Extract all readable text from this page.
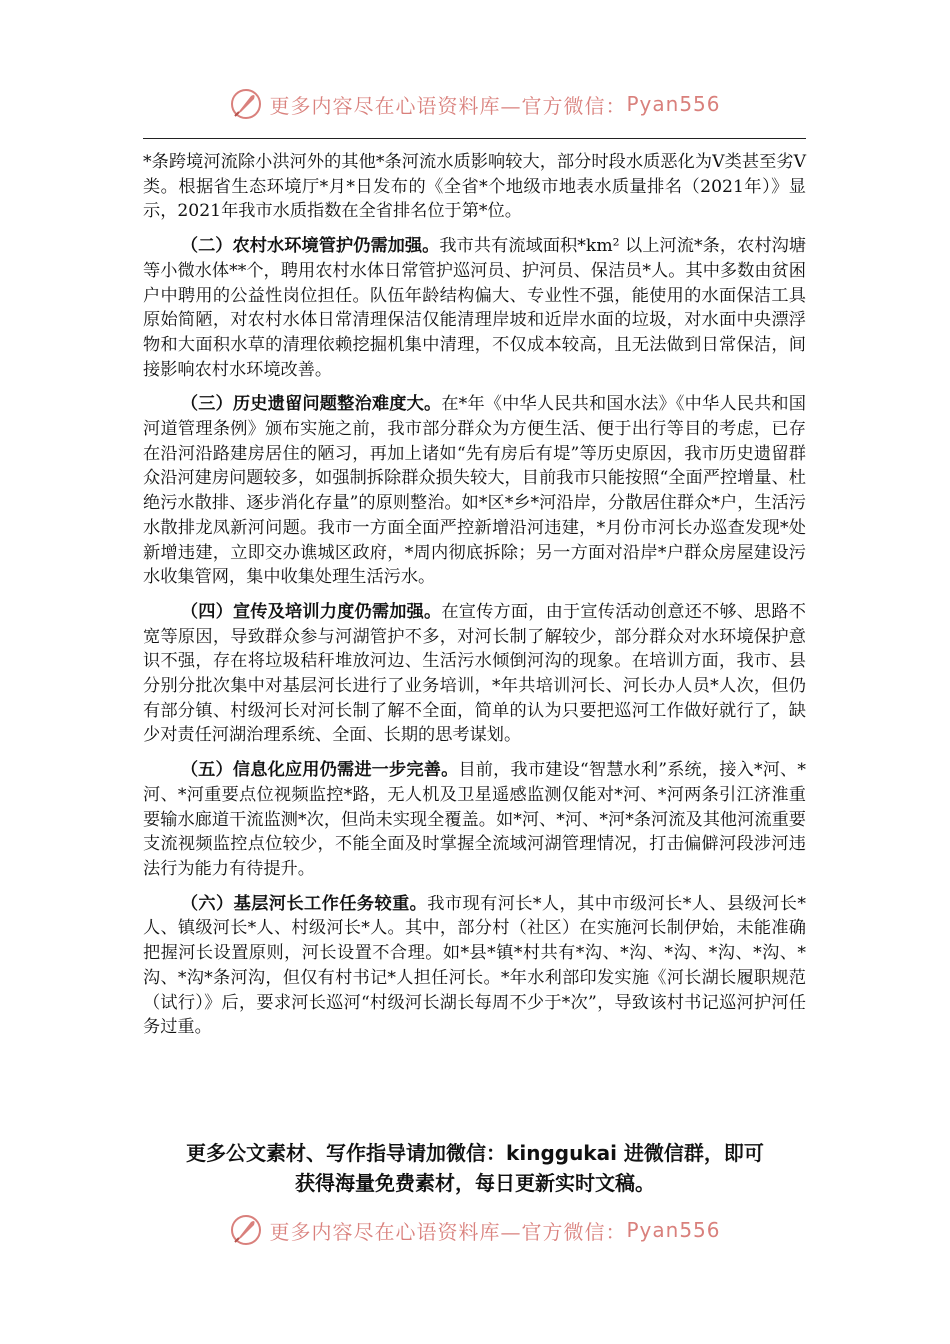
更多内容尽在心语资料库—官方微信： Pyan556

*条跨境河流除小洪河外的其他*条河流水质影响较大，部分时段水质恶化为Ⅴ类甚至劣Ⅴ类。根据省生态环境厅*月*日发布的《全省*个地级市地表水质量排名（2021年）》显示，2021年我市水质指数在全省排名位于第*位。

（二）农村水环境管护仍需加强。我市共有流域面积*km² 以上河流*条，农村沟塘等小微水体**个，聘用农村水体日常管护巡河员、护河员、保洁员*人。其中多数由贫困户中聘用的公益性岗位担任。队伍年龄结构偏大、专业性不强，能使用的水面保洁工具原始简陋，对农村水体日常清理保洁仅能清理岸坡和近岸水面的垃圾，对水面中央漂浮物和大面积水草的清理依赖挖掘机集中清理，不仅成本较高，且无法做到日常保洁，间接影响农村水环境改善。

（三）历史遗留问题整治难度大。在*年《中华人民共和国水法》《中华人民共和国河道管理条例》颁布实施之前，我市部分群众为方便生活、便于出行等目的考虑，已存在沿河沿路建房居住的陋习，再加上诸如“先有房后有堤”等历史原因，我市历史遗留群众沿河建房问题较多，如强制拆除群众损失较大，目前我市只能按照“全面严控增量、杜绝污水散排、逐步消化存量”的原则整治。如*区*乡*河沿岸，分散居住群众*户，生活污水散排龙凤新河问题。我市一方面全面严控新增沿河违建，*月份市河长办巡查发现*处新增违建，立即交办谯城区政府，*周内彻底拆除；另一方面对沿岸*户群众房屋建设污水收集管网，集中收集处理生活污水。

（四）宣传及培训力度仍需加强。在宣传方面，由于宣传活动创意还不够、思路不宽等原因，导致群众参与河湖管护不多，对河长制了解较少，部分群众对水环境保护意识不强，存在将垃圾秸秆堆放河边、生活污水倾倒河沟的现象。在培训方面，我市、县分别分批次集中对基层河长进行了业务培训，*年共培训河长、河长办人员*人次，但仍有部分镇、村级河长对河长制了解不全面，简单的认为只要把巡河工作做好就行了，缺少对责任河湖治理系统、全面、长期的思考谋划。

（五）信息化应用仍需进一步完善。目前，我市建设“智慧水利”系统，接入*河、*河、*河重要点位视频监控*路，无人机及卫星遥感监测仅能对*河、*河两条引江济淮重要输水廊道干流监测*次，但尚未实现全覆盖。如*河、*河、*河*条河流及其他河流重要支流视频监控点位较少，不能全面及时掌握全流域河湖管理情况，打击偏僻河段涉河违法行为能力有待提升。

（六）基层河长工作任务较重。我市现有河长*人，其中市级河长*人、县级河长*人、镇级河长*人、村级河长*人。其中，部分村（社区）在实施河长制伊始，未能准确把握河长设置原则，河长设置不合理。如*县*镇*村共有*沟、*沟、*沟、*沟、*沟、*沟、*沟*条河沟，但仅有村书记*人担任河长。*年水利部印发实施《河长湖长履职规范（试行）》后，要求河长巡河“村级河长湖长每周不少于*次”，导致该村书记巡河护河任务过重。

更多公文素材、写作指导请加微信：kinggukai 进微信群，即可
获得海量免费素材，每日更新实时文稿。
更多内容尽在心语资料库—官方微信： Pyan556
